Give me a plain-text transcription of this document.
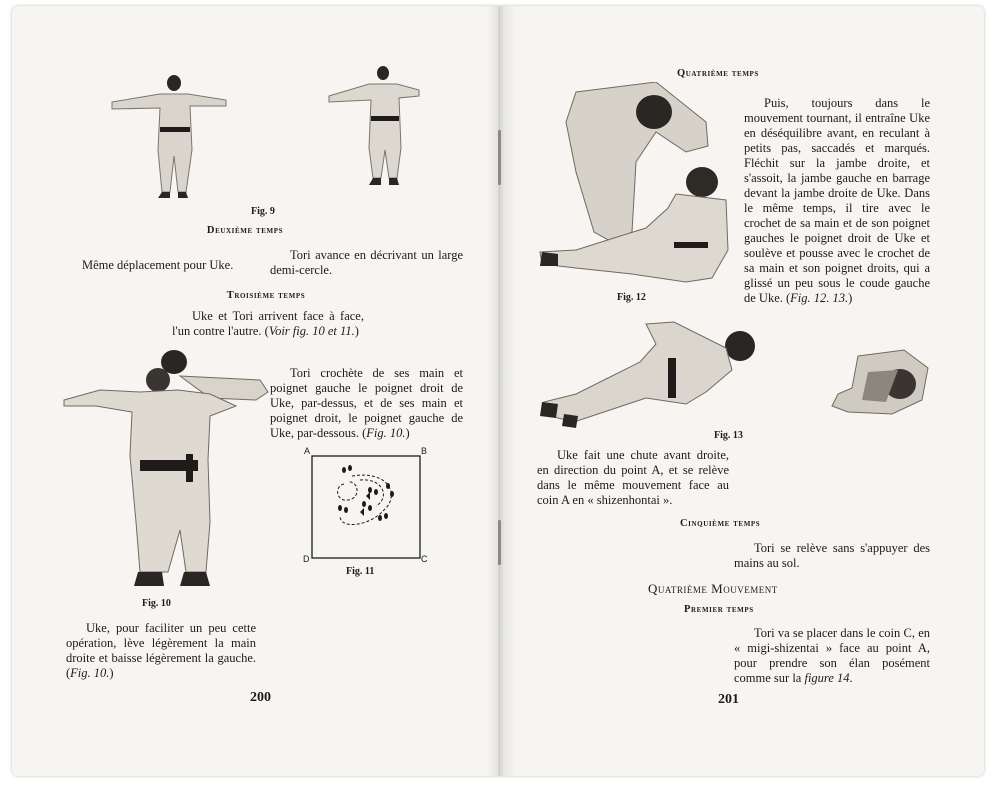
Fig. 9

Deuxième temps

Même déplacement pour Uke.

Tori avance en décrivant un large demi-cercle.

Troisième temps

Uke et Tori arrivent face à face, l'un contre l'autre. (Voir fig. 10 et 11.)

Fig. 10

Tori crochète de ses main et poignet gauche le poignet droit de Uke, par-dessus, et de ses main et poignet droit, le poignet gauche de Uke, par-dessous. (Fig. 10.)

A	B
C
D

Fig. 11

Uke, pour faciliter un peu cette opération, lève légèrement la main droite et baisse légèrement la gauche. (Fig. 10.)

200

Quatrième temps

Fig. 12

Puis, toujours dans le mouvement tournant, il entraîne Uke en déséquilibre avant, en reculant à petits pas, saccadés et marqués. Fléchit sur la jambe droite, et s'assoit, la jambe gauche en barrage devant la jambe droite de Uke. Dans le même temps, il tire avec le crochet de sa main et de son poignet gauches le poignet droit de Uke et soulève et pousse avec le crochet de sa main et son poignet droits, qui a glissé un peu sous le coude gauche de Uke. (Fig. 12. 13.)

Fig. 13

Uke fait une chute avant droite, en direction du point A, et se relève dans le même mouvement face au coin A en « shizenhontai ».

Cinquième temps

Tori se relève sans s'appuyer des mains au sol.

Quatrième Mouvement

Premier temps

Tori va se placer dans le coin C, en « migi-shizentai » face au point A, pour prendre son élan posément comme sur la figure 14.

201
